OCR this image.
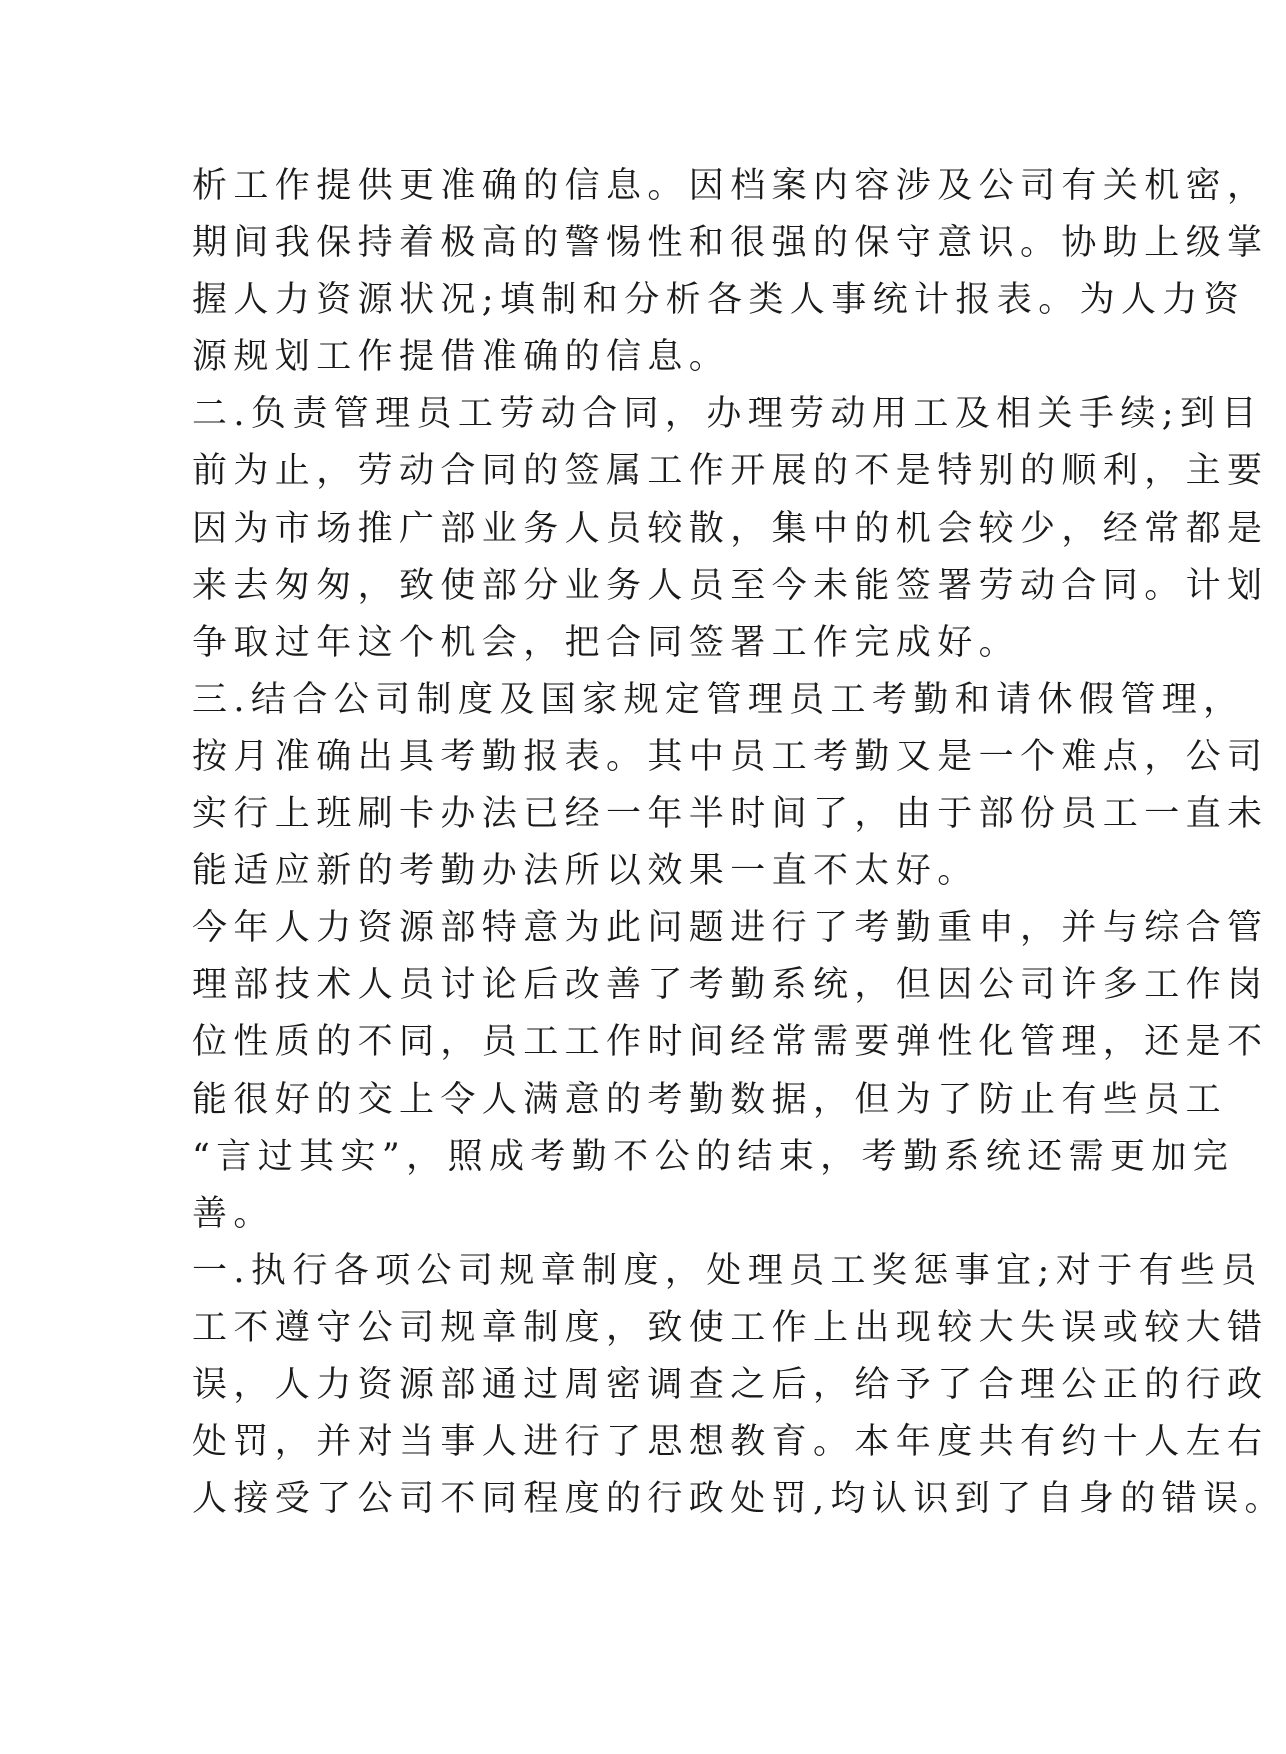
析工作提供更准确的信息。因档案内容涉及公司有关机密，
期间我保持着极高的警惕性和很强的保守意识。协助上级掌
握人力资源状况;填制和分析各类人事统计报表。为人力资
源规划工作提借准确的信息。
二.负责管理员工劳动合同，办理劳动用工及相关手续;到目
前为止，劳动合同的签属工作开展的不是特别的顺利，主要
因为市场推广部业务人员较散，集中的机会较少，经常都是
来去匆匆，致使部分业务人员至今未能签署劳动合同。计划
争取过年这个机会，把合同签署工作完成好。
三.结合公司制度及国家规定管理员工考勤和请休假管理，
按月准确出具考勤报表。其中员工考勤又是一个难点，公司
实行上班刷卡办法已经一年半时间了，由于部份员工一直未
能适应新的考勤办法所以效果一直不太好。
今年人力资源部特意为此问题进行了考勤重申，并与综合管
理部技术人员讨论后改善了考勤系统，但因公司许多工作岗
位性质的不同，员工工作时间经常需要弹性化管理，还是不
能很好的交上令人满意的考勤数据，但为了防止有些员工
“言过其实”，照成考勤不公的结束，考勤系统还需更加完
善。
一.执行各项公司规章制度，处理员工奖惩事宜;对于有些员
工不遵守公司规章制度，致使工作上出现较大失误或较大错
误，人力资源部通过周密调查之后，给予了合理公正的行政
处罚，并对当事人进行了思想教育。本年度共有约十人左右
人接受了公司不同程度的行政处罚,均认识到了自身的错误。
